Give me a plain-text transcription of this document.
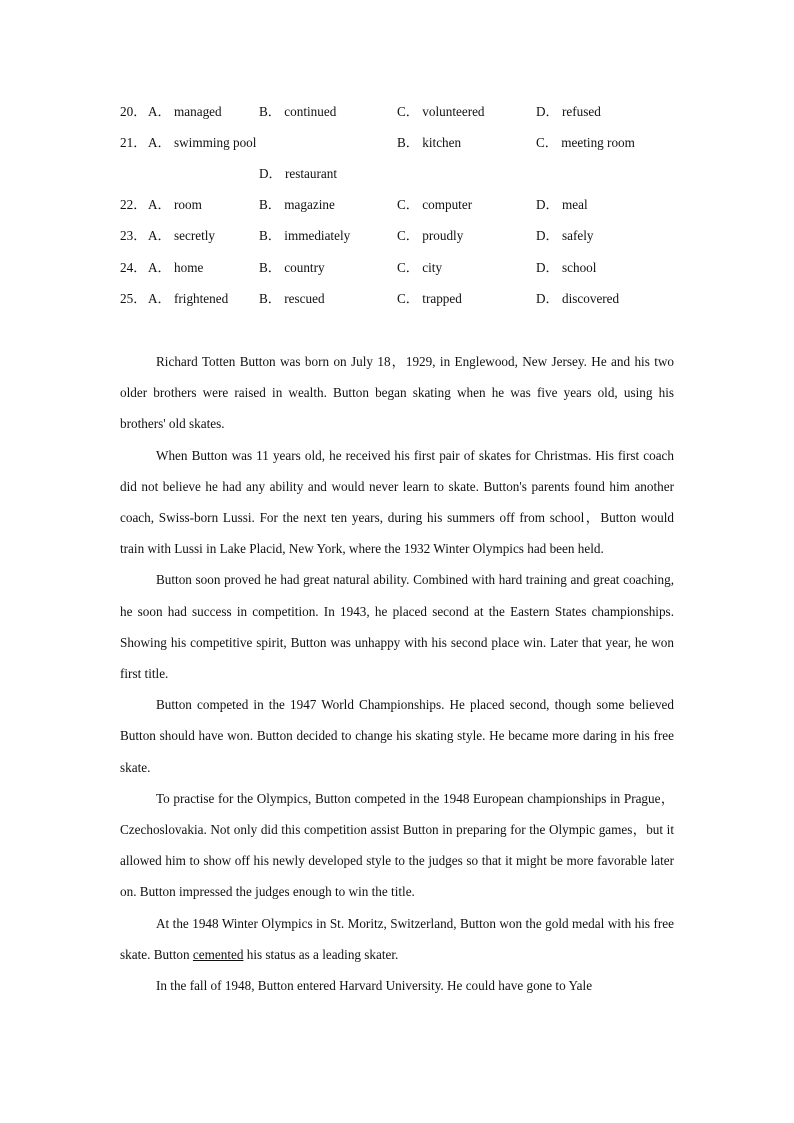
20． A． managed	B． continued	C． volunteered	D． refused
21． A． swimming pool	B． kitchen	C． meeting room
D． restaurant
22． A． room	B． magazine	C． computer	D． meal
23． A． secretly	B． immediately	C． proudly	D． safely
24． A． home	B． country	C． city	D． school
25． A． frightened B． rescued	C． trapped	D． discovered

Richard Totten Button was born on July 18，1929, in Englewood, New Jersey. He and his two older brothers were raised in wealth. Button began skating when he was five years old, using his brothers' old skates.

When Button was 11 years old, he received his first pair of skates for Christmas. His first coach did not believe he had any ability and would never learn to skate. Button's parents found him another coach, Swiss-born Lussi. For the next ten years, during his summers off from school，Button would train with Lussi in Lake Placid, New York, where the 1932 Winter Olympics had been held.

Button soon proved he had great natural ability. Combined with hard training and great coaching, he soon had success in competition. In 1943, he placed second at the Eastern States championships. Showing his competitive spirit, Button was unhappy with his second place win. Later that year, he won first title.

Button competed in the 1947 World Championships. He placed second, though some believed Button should have won. Button decided to change his skating style. He became more daring in his free skate.

To practise for the Olympics, Button competed in the 1948 European championships in Prague，Czechoslovakia. Not only did this competition assist Button in preparing for the Olympic games，but it allowed him to show off his newly developed style to the judges so that it might be more favorable later on. Button impressed the judges enough to win the title.

At the 1948 Winter Olympics in St. Moritz, Switzerland, Button won the gold medal with his free skate. Button cemented his status as a leading skater.

In the fall of 1948, Button entered Harvard University. He could have gone to Yale
